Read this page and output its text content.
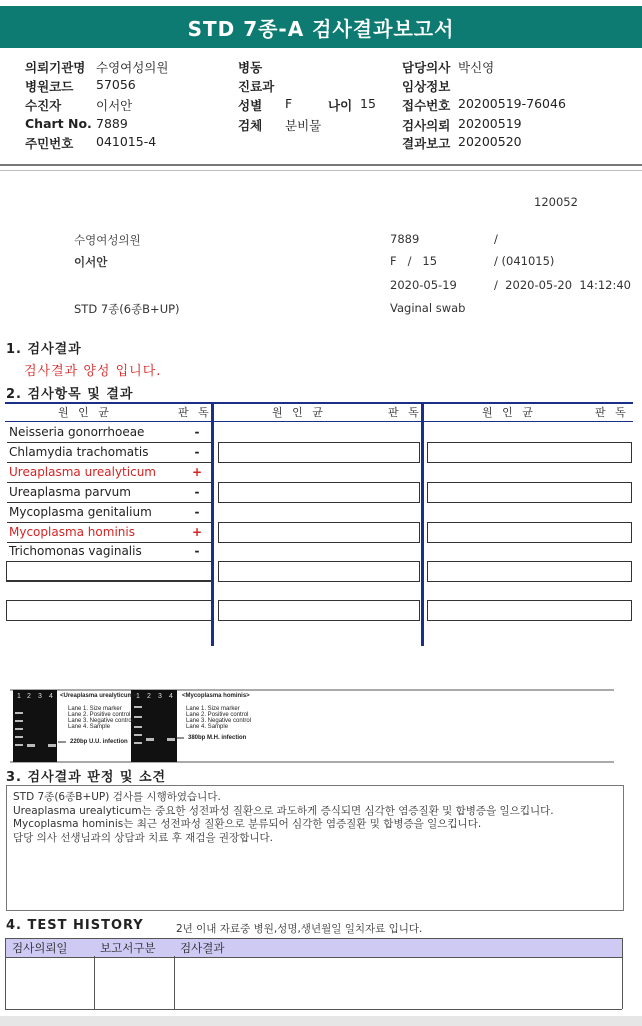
STD 7종-A 검사결과보고서
의뢰기관명 수영여성의원
병원코드 57056
수진자	이서안
Chart No. 7889
주민번호 041015-4
병동
진료과
성별 F	나이 15
검체 분비물
담당의사 박신영
임상정보
접수번호 20200519-76046
검사의뢰 20200519
결과보고 20200520
120052
수영여성의원	7889	/
이서안	F   /   15	/ (041015)
2020-05-19	/  2020-05-20  14:12:40
STD 7종(6종B+UP)	Vaginal swab
1. 검사결과
검사결과 양성 입니다.
2. 검사항목 및 결과
원 인 균	판 독	원 인 균	판 독	원 인 균	판 독
Neisseria gonorrhoeae	-
Chlamydia trachomatis	-
Ureaplasma urealyticum	+
Ureaplasma parvum	-
Mycoplasma genitalium	-
Mycoplasma hominis	+
Trichomonas vaginalis	-
1 2 3 4	1 2 3 4
<Ureaplasma urealyticum>
Lane 1. Size marker
Lane 2. Positive control
Lane 3. Negative control
Lane 4. Sample
220bp U.U. infection
<Mycoplasma hominis>
Lane 1. Size marker
Lane 2. Positive control
Lane 3. Negative control
Lane 4. Sample
380bp M.H. infection
3. 검사결과 판정 및 소견
STD 7종(6종B+UP) 검사를 시행하였습니다.
Ureaplasma urealyticum는 중요한 성전파성 질환으로 과도하게 증식되면 심각한 염증질환 및 합병증을 일으킵니다.
Mycoplasma hominis는 최근 성전파성 질환으로 분류되어 심각한 염증질환 및 합병증을 일으킵니다.
담당 의사 선생님과의 상담과 치료 후 재검을 권장합니다.
4. TEST HISTORY	2년 이내 자료중 병원,성명,생년월일 일치자료 입니다.
검사의뢰일	보고서구분 검사결과
